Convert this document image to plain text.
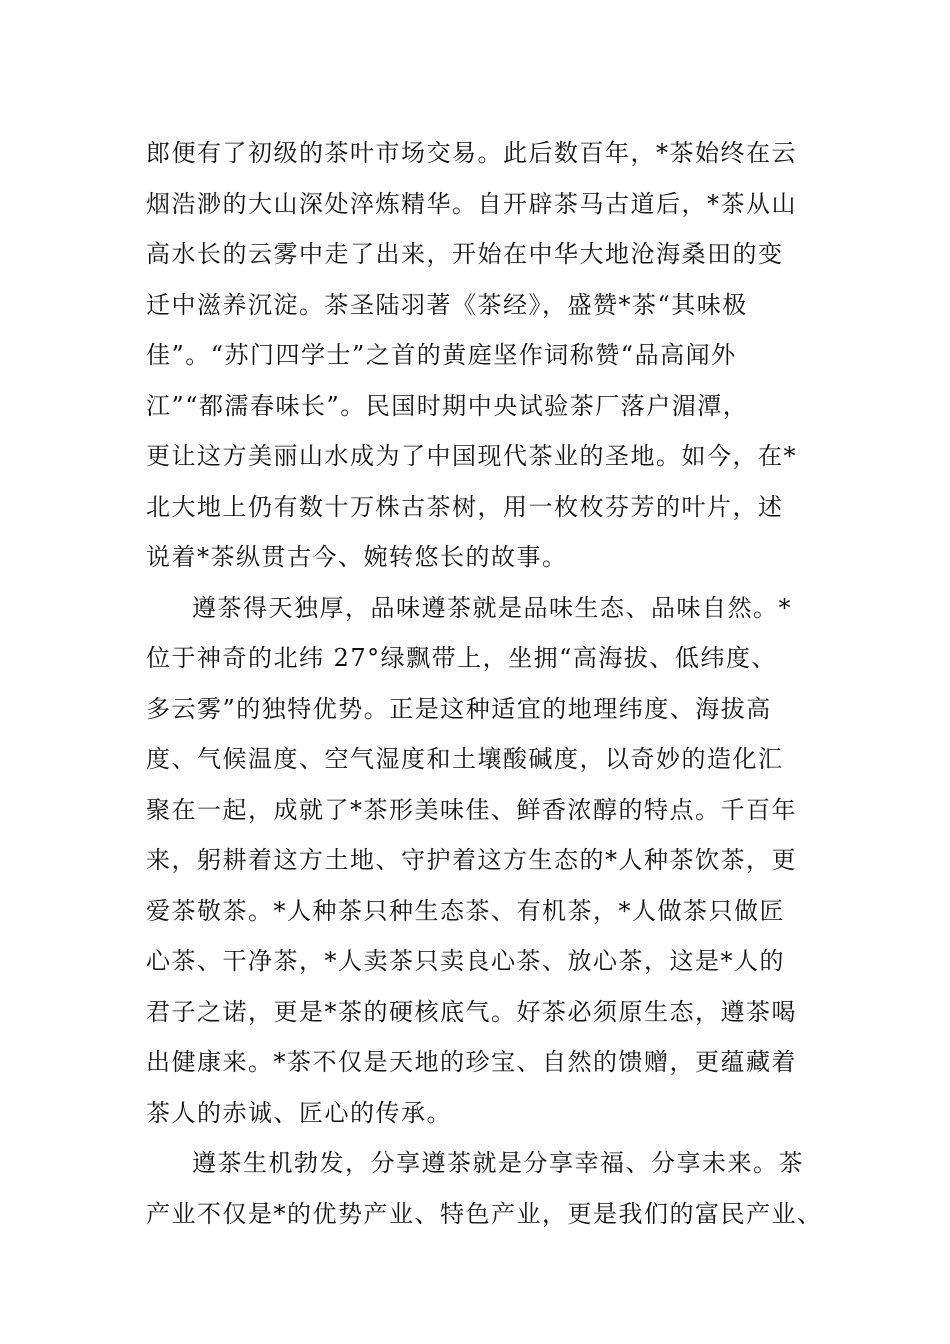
郎便有了初级的茶叶市场交易。此后数百年，*茶始终在云
烟浩渺的大山深处淬炼精华。自开辟茶马古道后，*茶从山
高水长的云雾中走了出来，开始在中华大地沧海桑田的变
迁中滋养沉淀。茶圣陆羽著《茶经》，盛赞*茶“其味极
佳”。“苏门四学士”之首的黄庭坚作词称赞“品高闻外
江”“都濡春味长”。民国时期中央试验茶厂落户湄潭，
更让这方美丽山水成为了中国现代茶业的圣地。如今，在*
北大地上仍有数十万株古茶树，用一枚枚芬芳的叶片，述
说着*茶纵贯古今、婉转悠长的故事。
遵茶得天独厚，品味遵茶就是品味生态、品味自然。*
位于神奇的北纬 27°绿飘带上，坐拥“高海拔、低纬度、
多云雾”的独特优势。正是这种适宜的地理纬度、海拔高
度、气候温度、空气湿度和土壤酸碱度，以奇妙的造化汇
聚在一起，成就了*茶形美味佳、鲜香浓醇的特点。千百年
来，躬耕着这方土地、守护着这方生态的*人种茶饮茶，更
爱茶敬茶。*人种茶只种生态茶、有机茶，*人做茶只做匠
心茶、干净茶，*人卖茶只卖良心茶、放心茶，这是*人的
君子之诺，更是*茶的硬核底气。好茶必须原生态，遵茶喝
出健康来。*茶不仅是天地的珍宝、自然的馈赠，更蕴藏着
茶人的赤诚、匠心的传承。
遵茶生机勃发，分享遵茶就是分享幸福、分享未来。茶
产业不仅是*的优势产业、特色产业，更是我们的富民产业、
